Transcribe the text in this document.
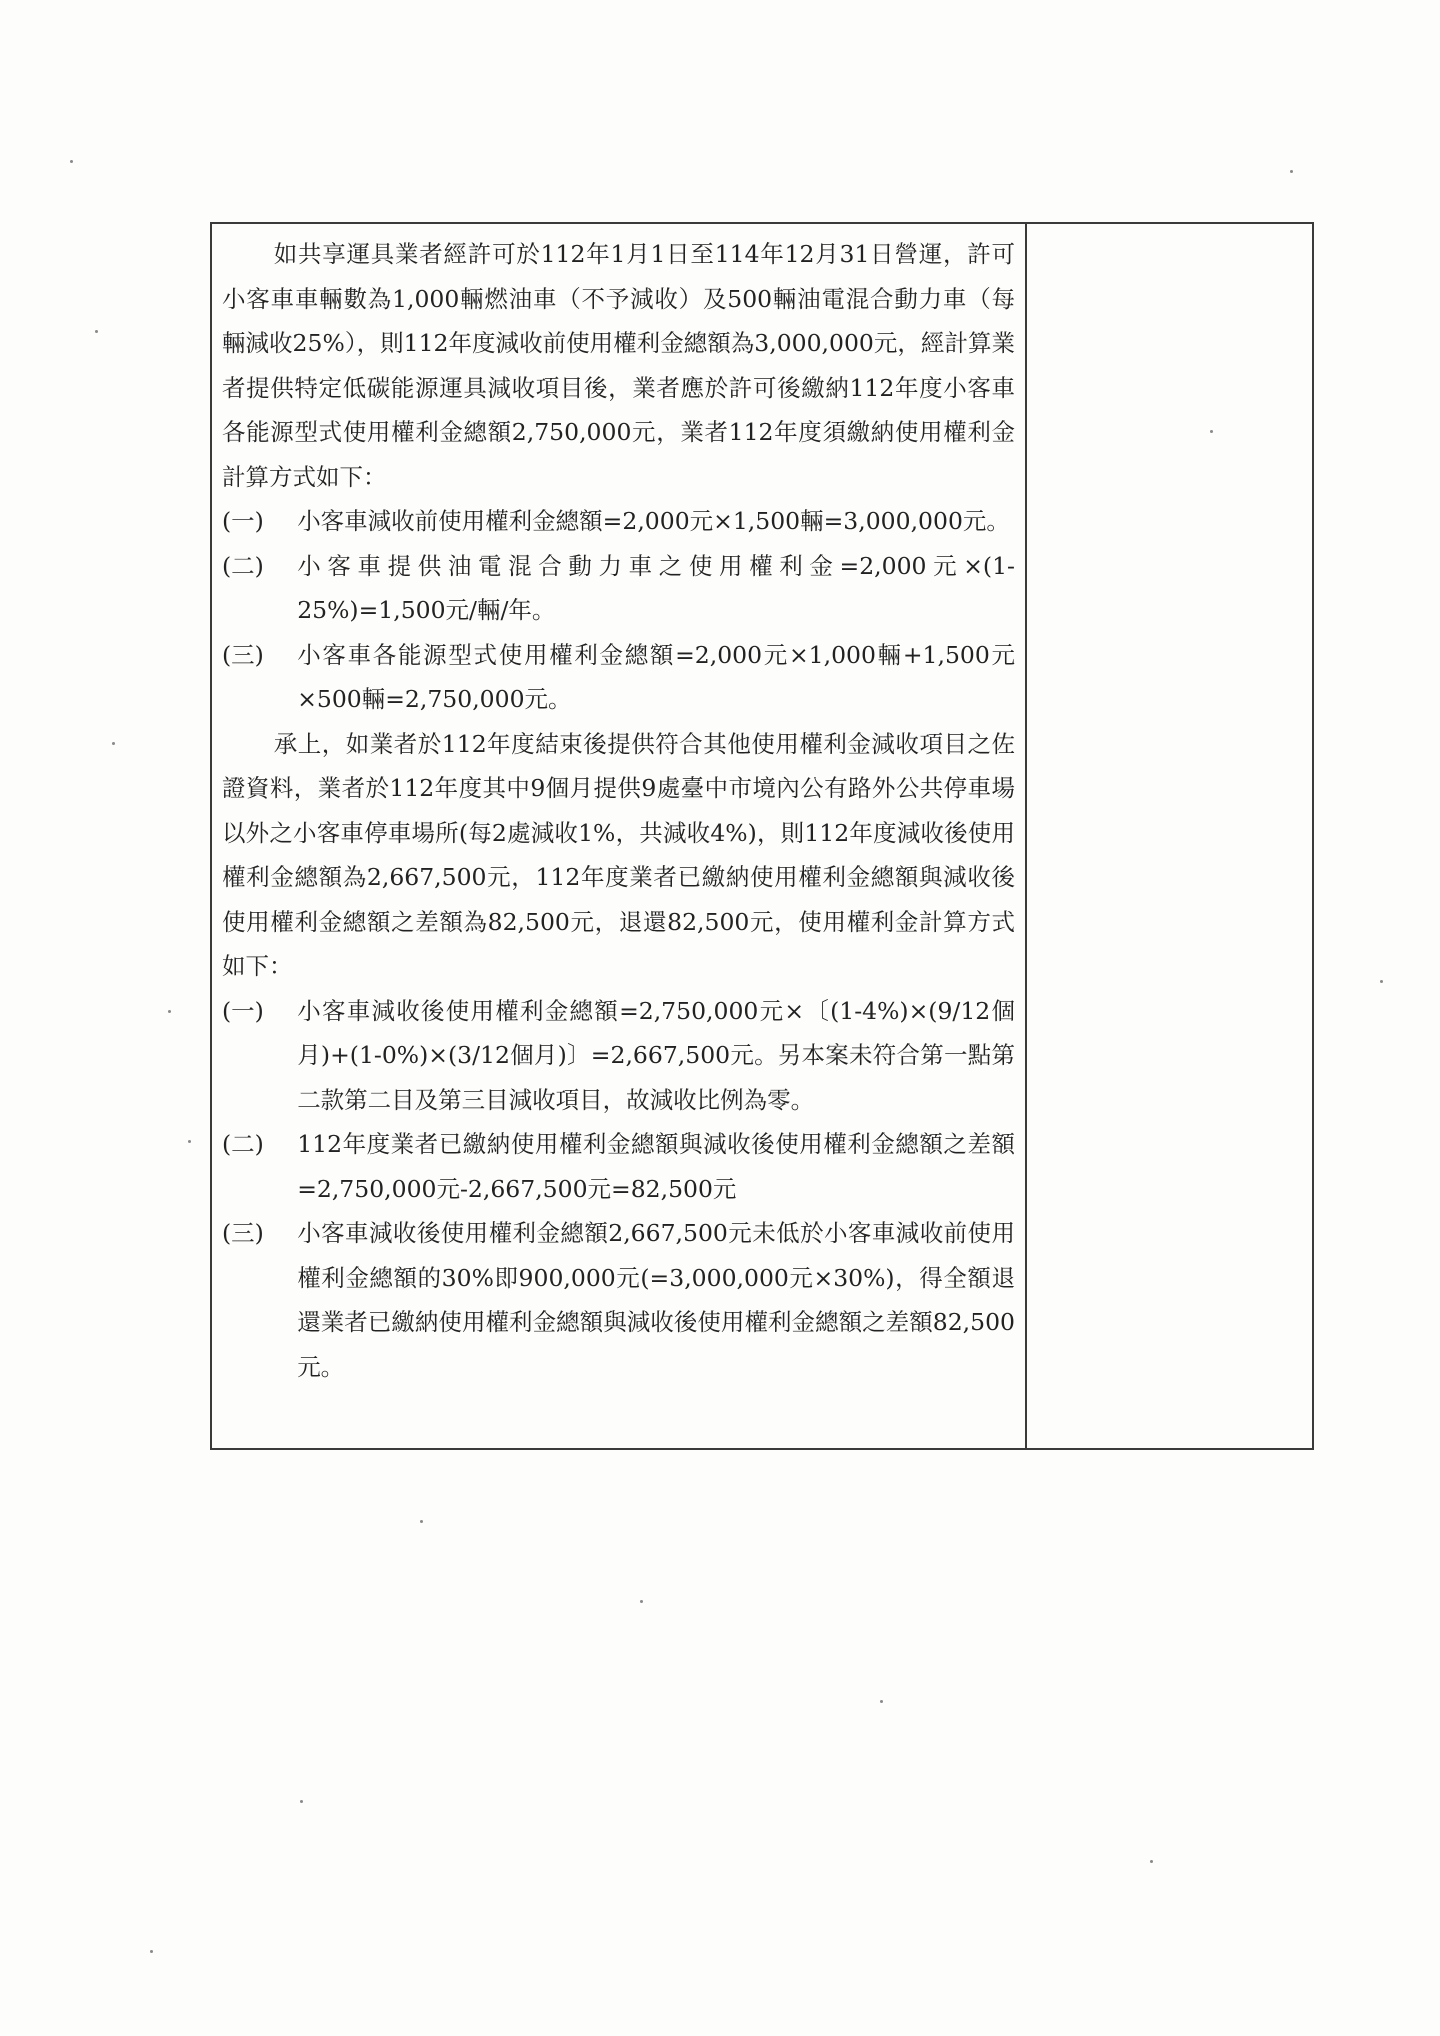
如共享運具業者經許可於112年1月1日至114年12月31日營運，許可小客車車輛數為1,000輛燃油車（不予減收）及500輛油電混合動力車（每輛減收25%），則112年度減收前使用權利金總額為3,000,000元，經計算業者提供特定低碳能源運具減收項目後，業者應於許可後繳納112年度小客車各能源型式使用權利金總額2,750,000元，業者112年度須繳納使用權利金計算方式如下：

(一)	小客車減收前使用權利金總額=2,000元×1,500輛=3,000,000元。
(二)	小客車提供油電混合動力車之使用權利金=2,000元×(1-25%)=1,500元/輛/年。
(三)	小客車各能源型式使用權利金總額=2,000元×1,000輛+1,500元×500輛=2,750,000元。

承上，如業者於112年度結束後提供符合其他使用權利金減收項目之佐證資料，業者於112年度其中9個月提供9處臺中市境內公有路外公共停車場以外之小客車停車場所(每2處減收1%，共減收4%)，則112年度減收後使用權利金總額為2,667,500元，112年度業者已繳納使用權利金總額與減收後使用權利金總額之差額為82,500元，退還82,500元，使用權利金計算方式如下：

(一)	小客車減收後使用權利金總額=2,750,000元×〔(1-4%)×(9/12個月)+(1-0%)×(3/12個月)〕=2,667,500元。另本案未符合第一點第二款第二目及第三目減收項目，故減收比例為零。
(二)	112年度業者已繳納使用權利金總額與減收後使用權利金總額之差額=2,750,000元-2,667,500元=82,500元
(三)	小客車減收後使用權利金總額2,667,500元未低於小客車減收前使用權利金總額的30%即900,000元(=3,000,000元×30%)，得全額退還業者已繳納使用權利金總額與減收後使用權利金總額之差額82,500元。
